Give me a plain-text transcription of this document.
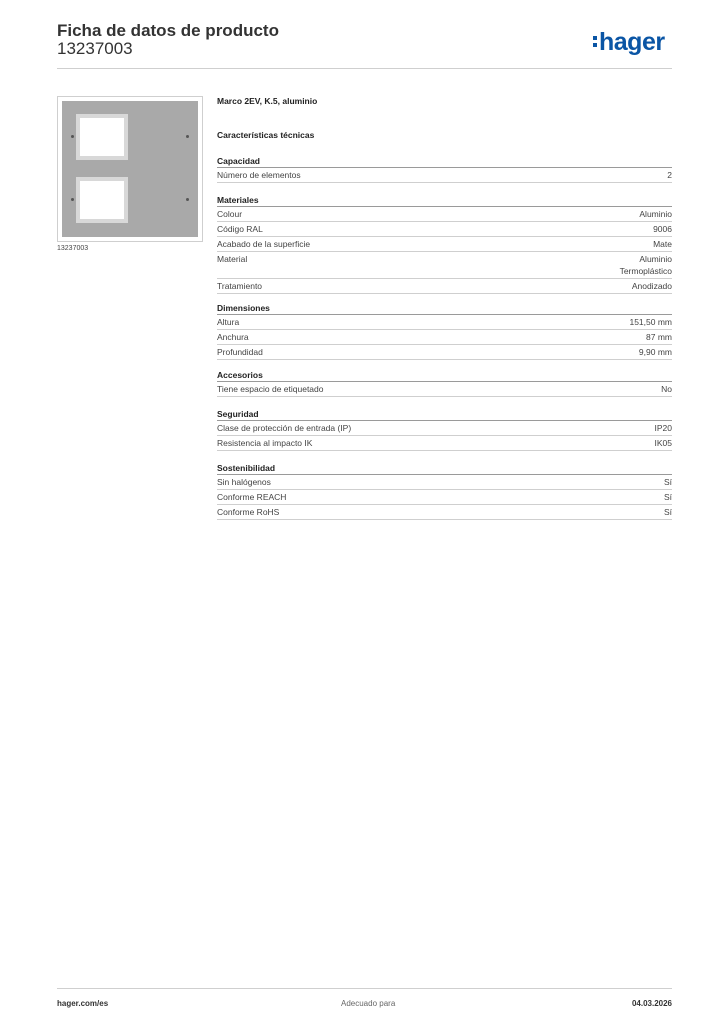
Ficha de datos de producto
13237003	hager
13237003
Marco 2EV, K.5, aluminio
Características técnicas
Capacidad
Número de elementos	2
Materiales
Colour	Aluminio
Código RAL	9006
Acabado de la superficie	Mate
Material	Aluminio
Termoplástico
Tratamiento	Anodizado
Dimensiones
Altura	151,50 mm
Anchura	87 mm
Profundidad	9,90 mm
Accesorios
Tiene espacio de etiquetado	No
Seguridad
Clase de protección de entrada (IP)	IP20
Resistencia al impacto IK	IK05
Sostenibilidad
Sin halógenos	Sí
Conforme REACH	Sí
Conforme RoHS	Sí
hager.com/es	Adecuado para	04.03.2026
